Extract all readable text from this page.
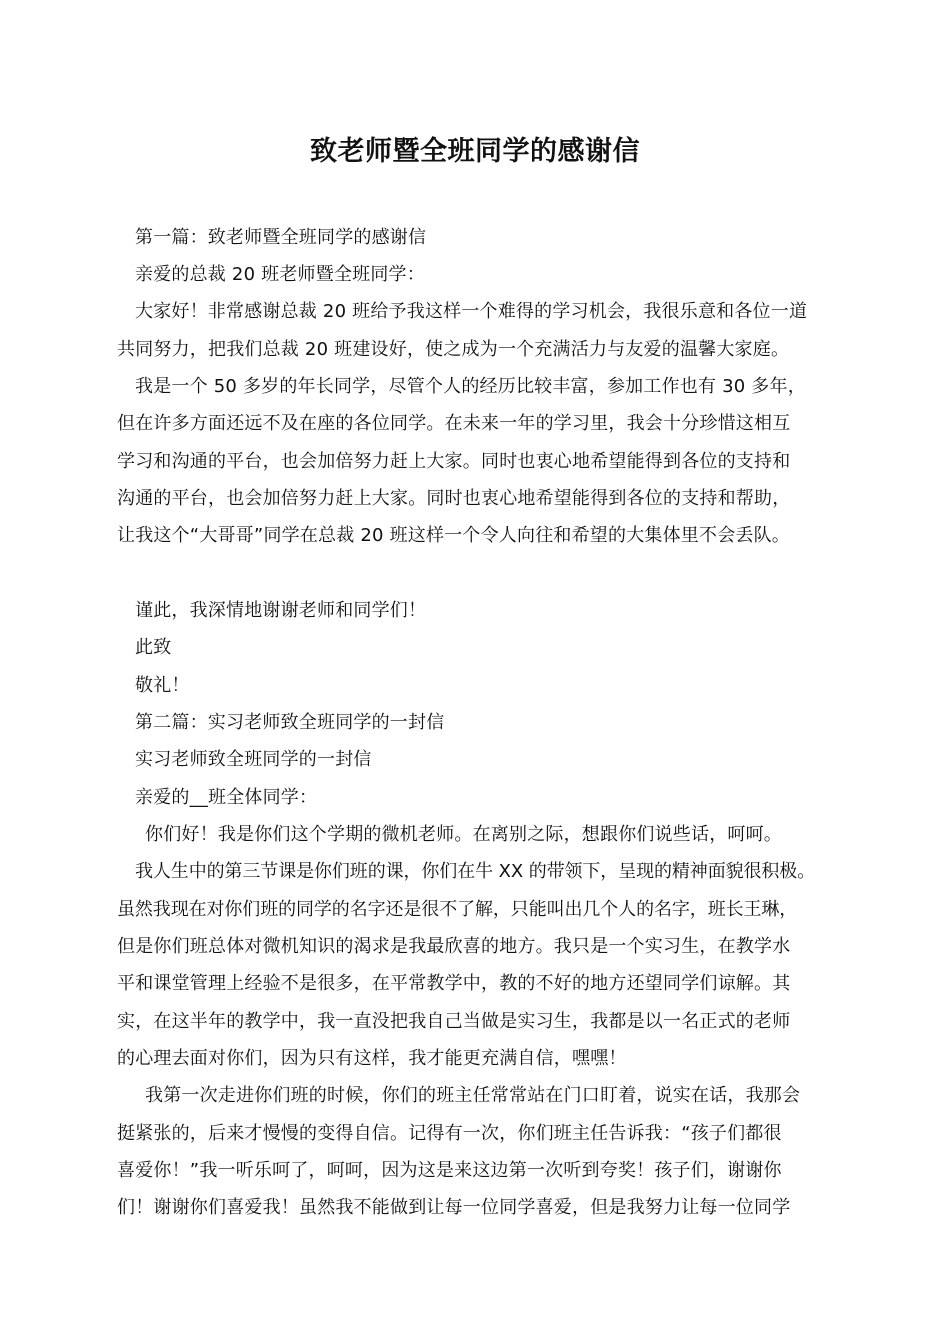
致老师暨全班同学的感谢信
第一篇：致老师暨全班同学的感谢信
亲爱的总裁 20 班老师暨全班同学：
大家好！非常感谢总裁 20 班给予我这样一个难得的学习机会，我很乐意和各位一道
共同努力，把我们总裁 20 班建设好，使之成为一个充满活力与友爱的温馨大家庭。
我是一个 50 多岁的年长同学，尽管个人的经历比较丰富，参加工作也有 30 多年，
但在许多方面还远不及在座的各位同学。在未来一年的学习里，我会十分珍惜这相互
学习和沟通的平台，也会加倍努力赶上大家。同时也衷心地希望能得到各位的支持和
沟通的平台，也会加倍努力赶上大家。同时也衷心地希望能得到各位的支持和帮助，
让我这个“大哥哥”同学在总裁 20 班这样一个令人向往和希望的大集体里不会丢队。
谨此，我深情地谢谢老师和同学们！
此致
敬礼！
第二篇：实习老师致全班同学的一封信
实习老师致全班同学的一封信
亲爱的__班全体同学：
你们好！我是你们这个学期的微机老师。在离别之际，想跟你们说些话，呵呵。
我人生中的第三节课是你们班的课，你们在牛 XX 的带领下，呈现的精神面貌很积极。
虽然我现在对你们班的同学的名字还是很不了解，只能叫出几个人的名字，班长王琳，
但是你们班总体对微机知识的渴求是我最欣喜的地方。我只是一个实习生，在教学水
平和课堂管理上经验不是很多，在平常教学中，教的不好的地方还望同学们谅解。其
实，在这半年的教学中，我一直没把我自己当做是实习生，我都是以一名正式的老师
的心理去面对你们，因为只有这样，我才能更充满自信，嘿嘿！
我第一次走进你们班的时候，你们的班主任常常站在门口盯着，说实在话，我那会
挺紧张的，后来才慢慢的变得自信。记得有一次，你们班主任告诉我：“孩子们都很
喜爱你！”我一听乐呵了，呵呵，因为这是来这边第一次听到夸奖！孩子们，谢谢你
们！谢谢你们喜爱我！虽然我不能做到让每一位同学喜爱，但是我努力让每一位同学
